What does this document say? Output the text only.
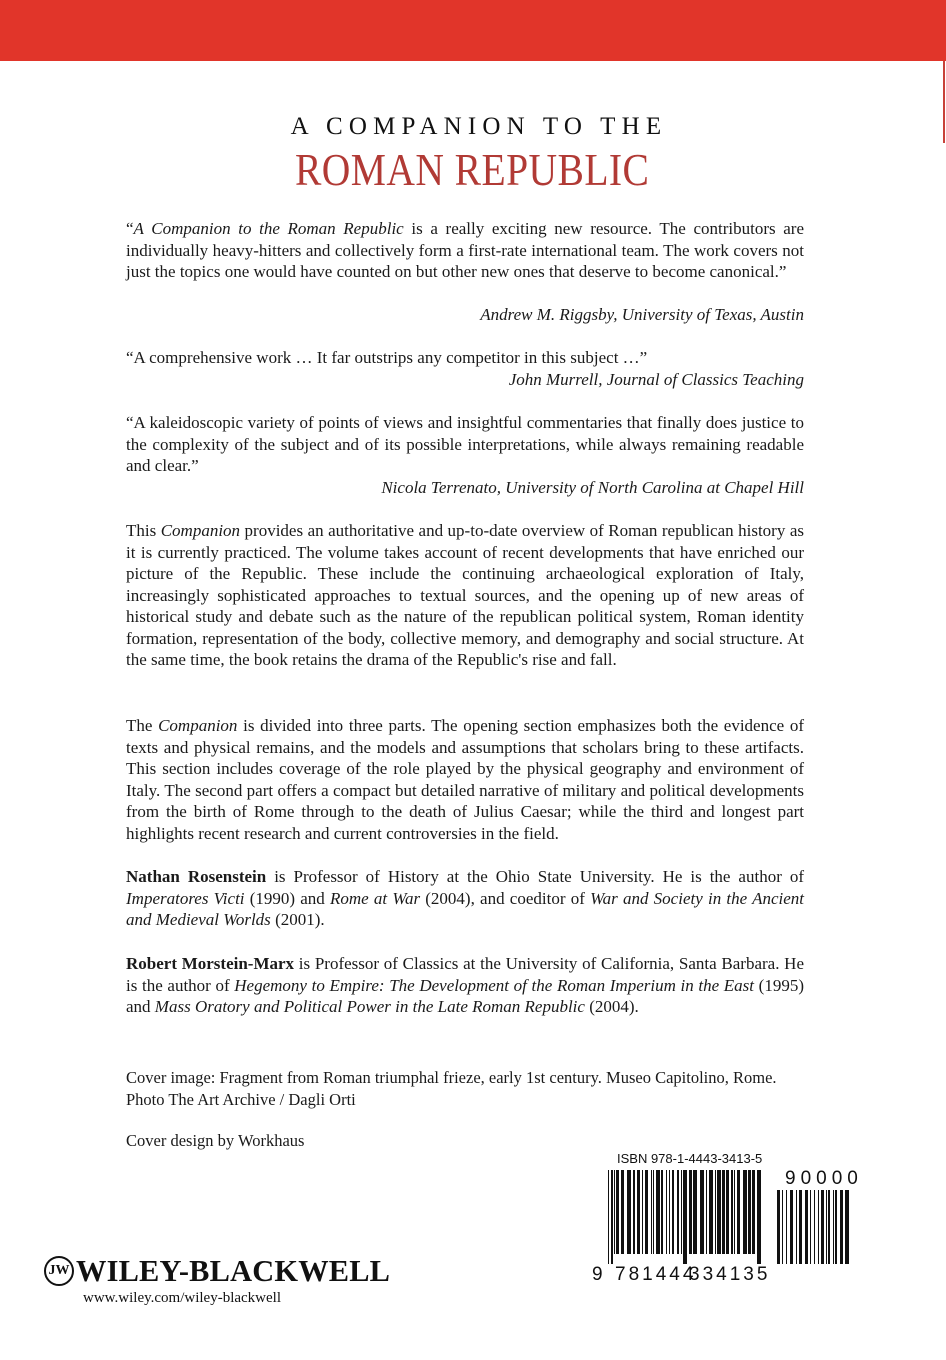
A COMPANION TO THE
ROMAN REPUBLIC
“A Companion to the Roman Republic is a really exciting new resource. The contributors are individually heavy-hitters and collectively form a first-rate international team. The work covers not just the topics one would have counted on but other new ones that deserve to become canonical.”
Andrew M. Riggsby, University of Texas, Austin
“A comprehensive work … It far outstrips any competitor in this subject …”
John Murrell, Journal of Classics Teaching
“A kaleidoscopic variety of points of views and insightful commentaries that finally does justice to the complexity of the subject and of its possible interpretations, while always remaining readable and clear.”
Nicola Terrenato, University of North Carolina at Chapel Hill
This Companion provides an authoritative and up-to-date overview of Roman republican history as it is currently practiced. The volume takes account of recent developments that have enriched our picture of the Republic. These include the continuing archaeological exploration of Italy, increasingly sophisticated approaches to textual sources, and the opening up of new areas of historical study and debate such as the nature of the republican political system, Roman identity formation, representation of the body, collective memory, and demography and social structure. At the same time, the book retains the drama of the Republic's rise and fall.
The Companion is divided into three parts. The opening section emphasizes both the evidence of texts and physical remains, and the models and assumptions that scholars bring to these artifacts. This section includes coverage of the role played by the physical geography and environment of Italy. The second part offers a compact but detailed narrative of military and political developments from the birth of Rome through to the death of Julius Caesar; while the third and longest part highlights recent research and current controversies in the field.
Nathan Rosenstein is Professor of History at the Ohio State University. He is the author of Imperatores Victi (1990) and Rome at War (2004), and coeditor of War and Society in the Ancient and Medieval Worlds (2001).
Robert Morstein-Marx is Professor of Classics at the University of California, Santa Barbara. He is the author of Hegemony to Empire: The Development of the Roman Imperium in the East (1995) and Mass Oratory and Political Power in the Late Roman Republic (2004).
Cover image: Fragment from Roman triumphal frieze, early 1st century. Museo Capitolino, Rome.
Photo The Art Archive / Dagli Orti
Cover design by Workhaus
ISBN 978-1-4443-3413-5
9 781444
334135
90000
JW WILEY-BLACKWELL
www.wiley.com/wiley-blackwell
